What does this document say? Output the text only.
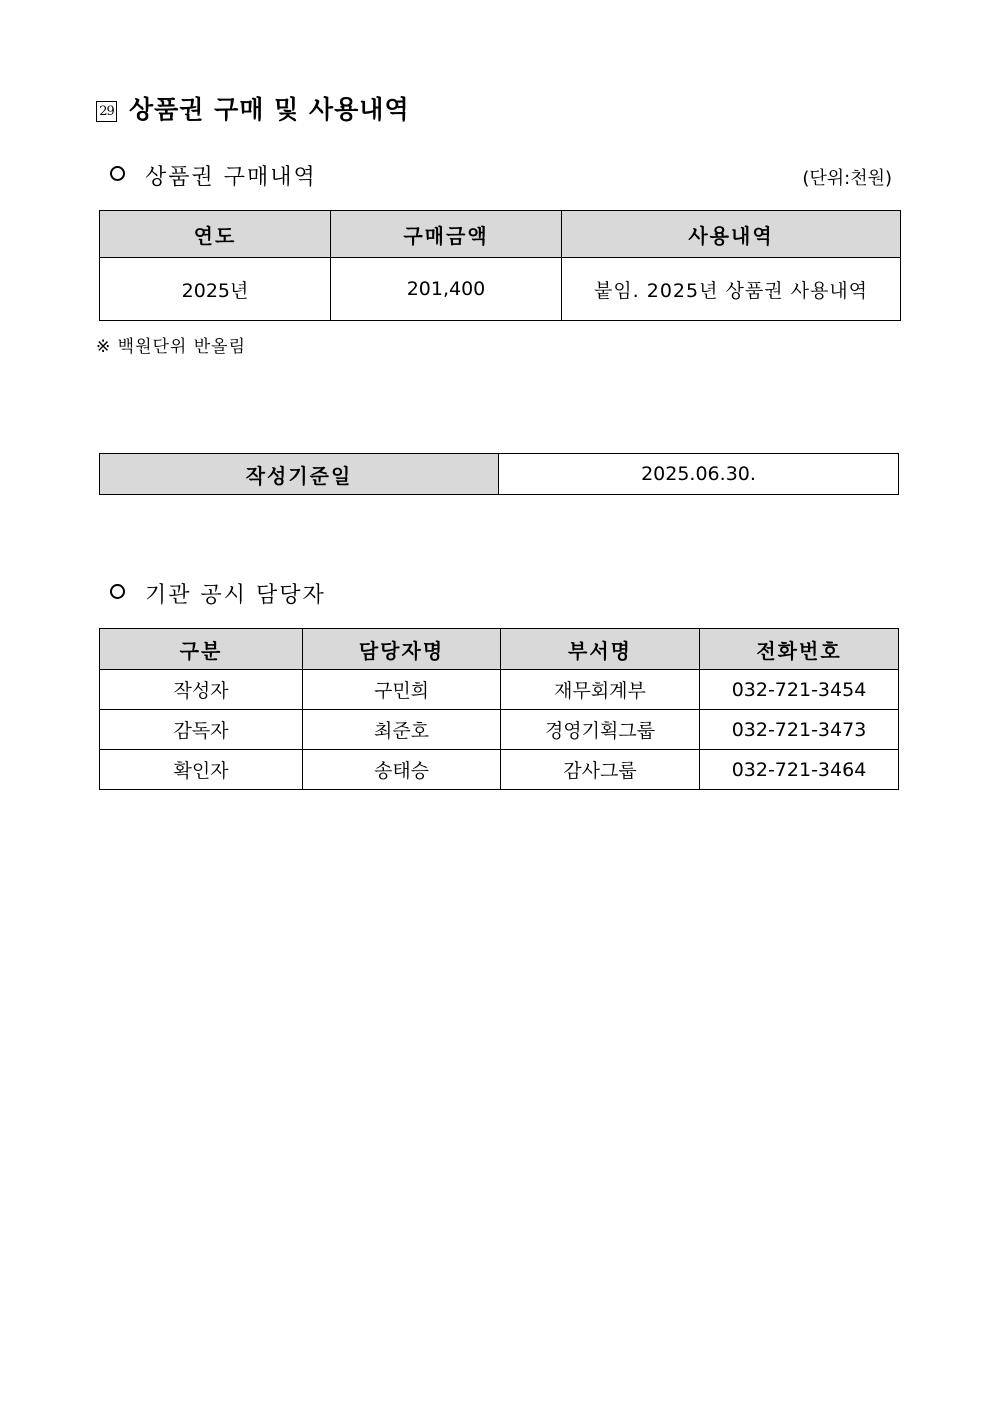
29 상품권 구매 및 사용내역
상품권 구매내역	(단위:천원)
연도	구매금액	사용내역
2025년	201,400	붙임. 2025년 상품권 사용내역
※ 백원단위 반올림
작성기준일	2025.06.30.
기관 공시 담당자
구분	담당자명	부서명	전화번호
작성자	구민희	재무회계부	032-721-3454
감독자	최준호	경영기획그룹	032-721-3473
확인자	송태승	감사그룹	032-721-3464
